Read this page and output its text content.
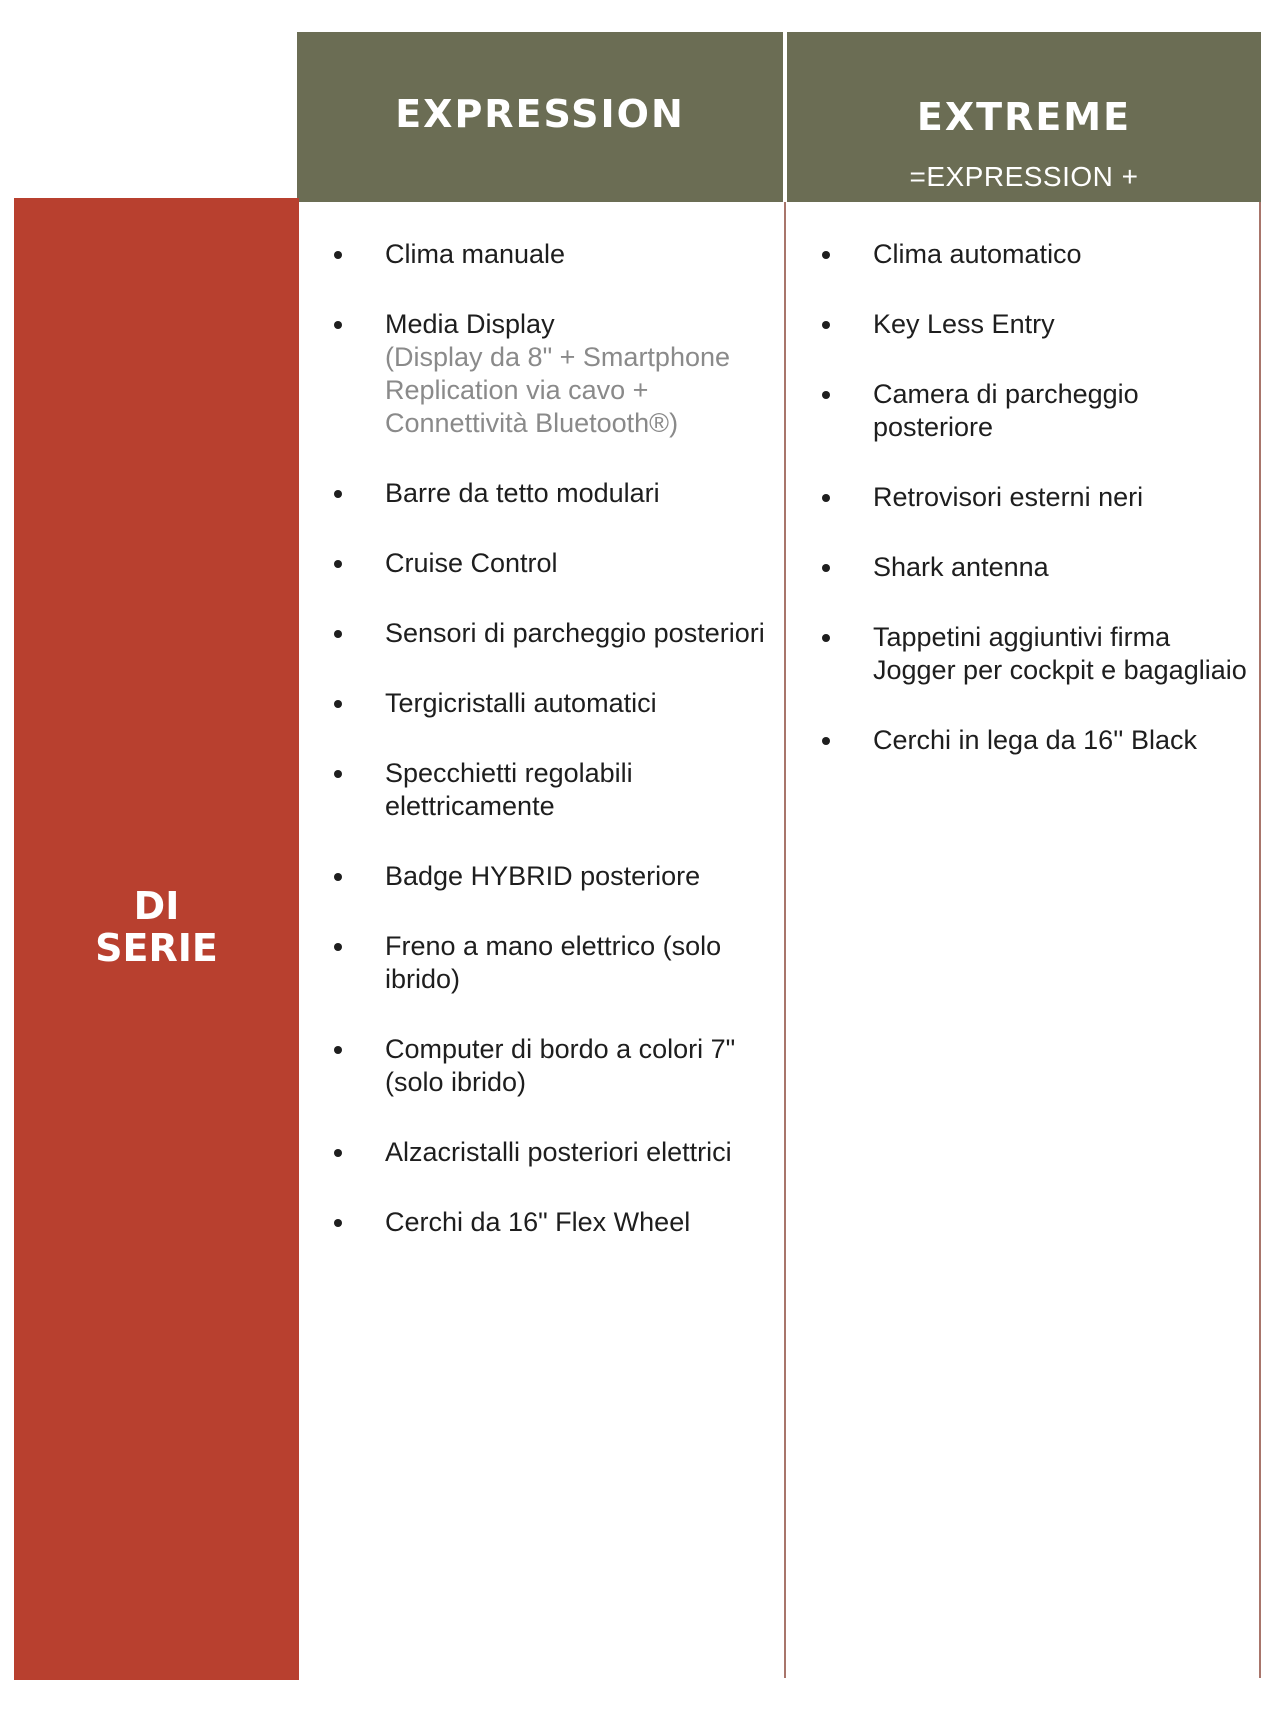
EXPRESSION	EXTREME
=EXPRESSION +
DI
SERIE
Clima manuale
Media Display
(Display da 8" + Smartphone Replication via cavo + Connettività Bluetooth®)
Barre da tetto modulari
Cruise Control
Sensori di parcheggio posteriori
Tergicristalli automatici
Specchietti regolabili elettricamente
Badge HYBRID posteriore
Freno a mano elettrico (solo ibrido)
Computer di bordo a colori 7"(solo ibrido)
Alzacristalli posteriori elettrici
Cerchi da 16" Flex Wheel
Clima automatico
Key Less Entry
Camera di parcheggio posteriore
Retrovisori esterni neri
Shark antenna
Tappetini aggiuntivi firma Jogger per cockpit e bagagliaio
Cerchi in lega da 16'' Black
